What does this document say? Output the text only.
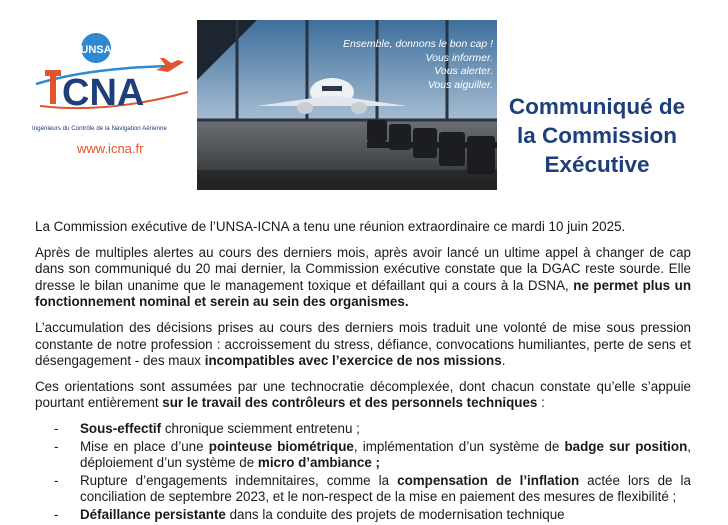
UNSA
CNA
Ingénieurs du Contrôle de la Navigation Aérienne
www.icna.fr
Ensemble, donnons le bon cap !
Vous informer.
Vous alerter.
Vous aiguiller.
Communiqué de
la Commission
Exécutive

La Commission exécutive de l’UNSA-ICNA a tenu une réunion extraordinaire ce mardi 10 juin 2025.

Après de multiples alertes au cours des derniers mois, après avoir lancé un ultime appel à changer de cap dans son communiqué du 20 mai dernier, la Commission exécutive constate que la DGAC reste sourde. Elle dresse le bilan unanime que le management toxique et défaillant qui a cours à la DSNA, ne permet plus un fonctionnement nominal et serein au sein des organismes.

L’accumulation des décisions prises au cours des derniers mois traduit une volonté de mise sous pression constante de notre profession : accroissement du stress, défiance, convocations humiliantes, perte de sens et désengagement - des maux incompatibles avec l’exercice de nos missions.

Ces orientations sont assumées par une technocratie décomplexée, dont chacun constate qu’elle s’appuie pourtant entièrement sur le travail des contrôleurs et des personnels techniques :

- Sous-effectif chronique sciemment entretenu ;
- Mise en place d’une pointeuse biométrique, implémentation d’un système de badge sur position, déploiement d’un système de micro d’ambiance ;
- Rupture d’engagements indemnitaires, comme la compensation de l’inflation actée lors de la conciliation de septembre 2023, et le non-respect de la mise en paiement des mesures de flexibilité ;
- Défaillance persistante dans la conduite des projets de modernisation technique
